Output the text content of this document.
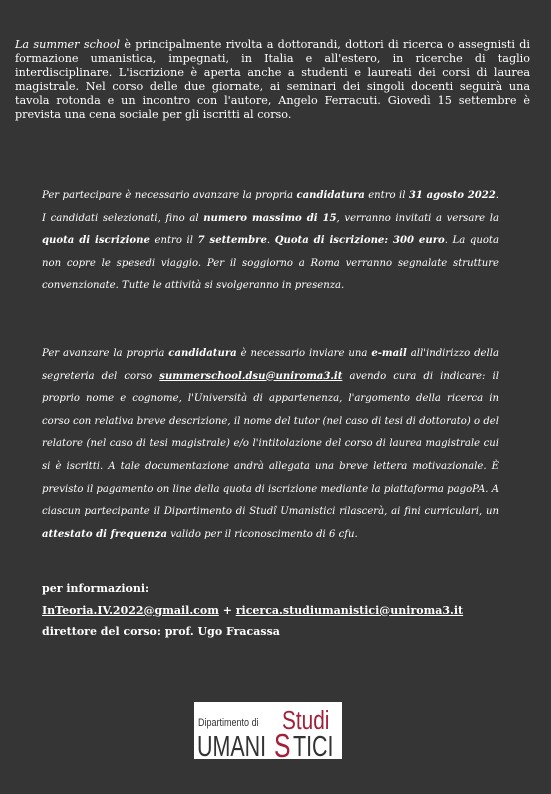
La summer school è principalmente rivolta a dottorandi, dottori di ricerca o assegnisti di formazione umanistica, impegnati, in Italia e all'estero, in ricerche di taglio interdisciplinare. L'iscrizione è aperta anche a studenti e laureati dei corsi di laurea magistrale. Nel corso delle due giornate, ai seminari dei singoli docenti seguirà una tavola rotonda e un incontro con l'autore, Angelo Ferracuti. Giovedì 15 settembre è prevista una cena sociale per gli iscritti al corso.
Per partecipare è necessario avanzare la propria candidatura entro il 31 agosto 2022. I candidati selezionati, fino al numero massimo di 15, verranno invitati a versare la quota di iscrizione entro il 7 settembre. Quota di iscrizione: 300 euro. La quota non copre le spesedi viaggio. Per il soggiorno a Roma verranno segnalate strutture convenzionate. Tutte le attività si svolgeranno in presenza.
Per avanzare la propria candidatura è necessario inviare una e-mail all'indirizzo della segreteria del corso summerschool.dsu@uniroma3.it avendo cura di indicare: il proprio nome e cognome, l'Università di appartenenza, l'argomento della ricerca in corso con relativa breve descrizione, il nome del tutor (nel caso di tesi di dottorato) o del relatore (nel caso di tesi magistrale) e/o l'intitolazione del corso di laurea magistrale cui si è iscritti. A tale documentazione andrà allegata una breve lettera motivazionale. È previsto il pagamento on line della quota di iscrizione mediante la piattaforma pagoPA. A ciascun partecipante il Dipartimento di Studî Umanistici rilascerà, ai fini curriculari, un attestato di frequenza valido per il riconoscimento di 6 cfu.
per informazioni:
InTeoria.IV.2022@gmail.com + ricerca.studiumanistici@uniroma3.it
direttore del corso: prof. Ugo Fracassa
Dipartimento di Studi
UMANI S TICI
